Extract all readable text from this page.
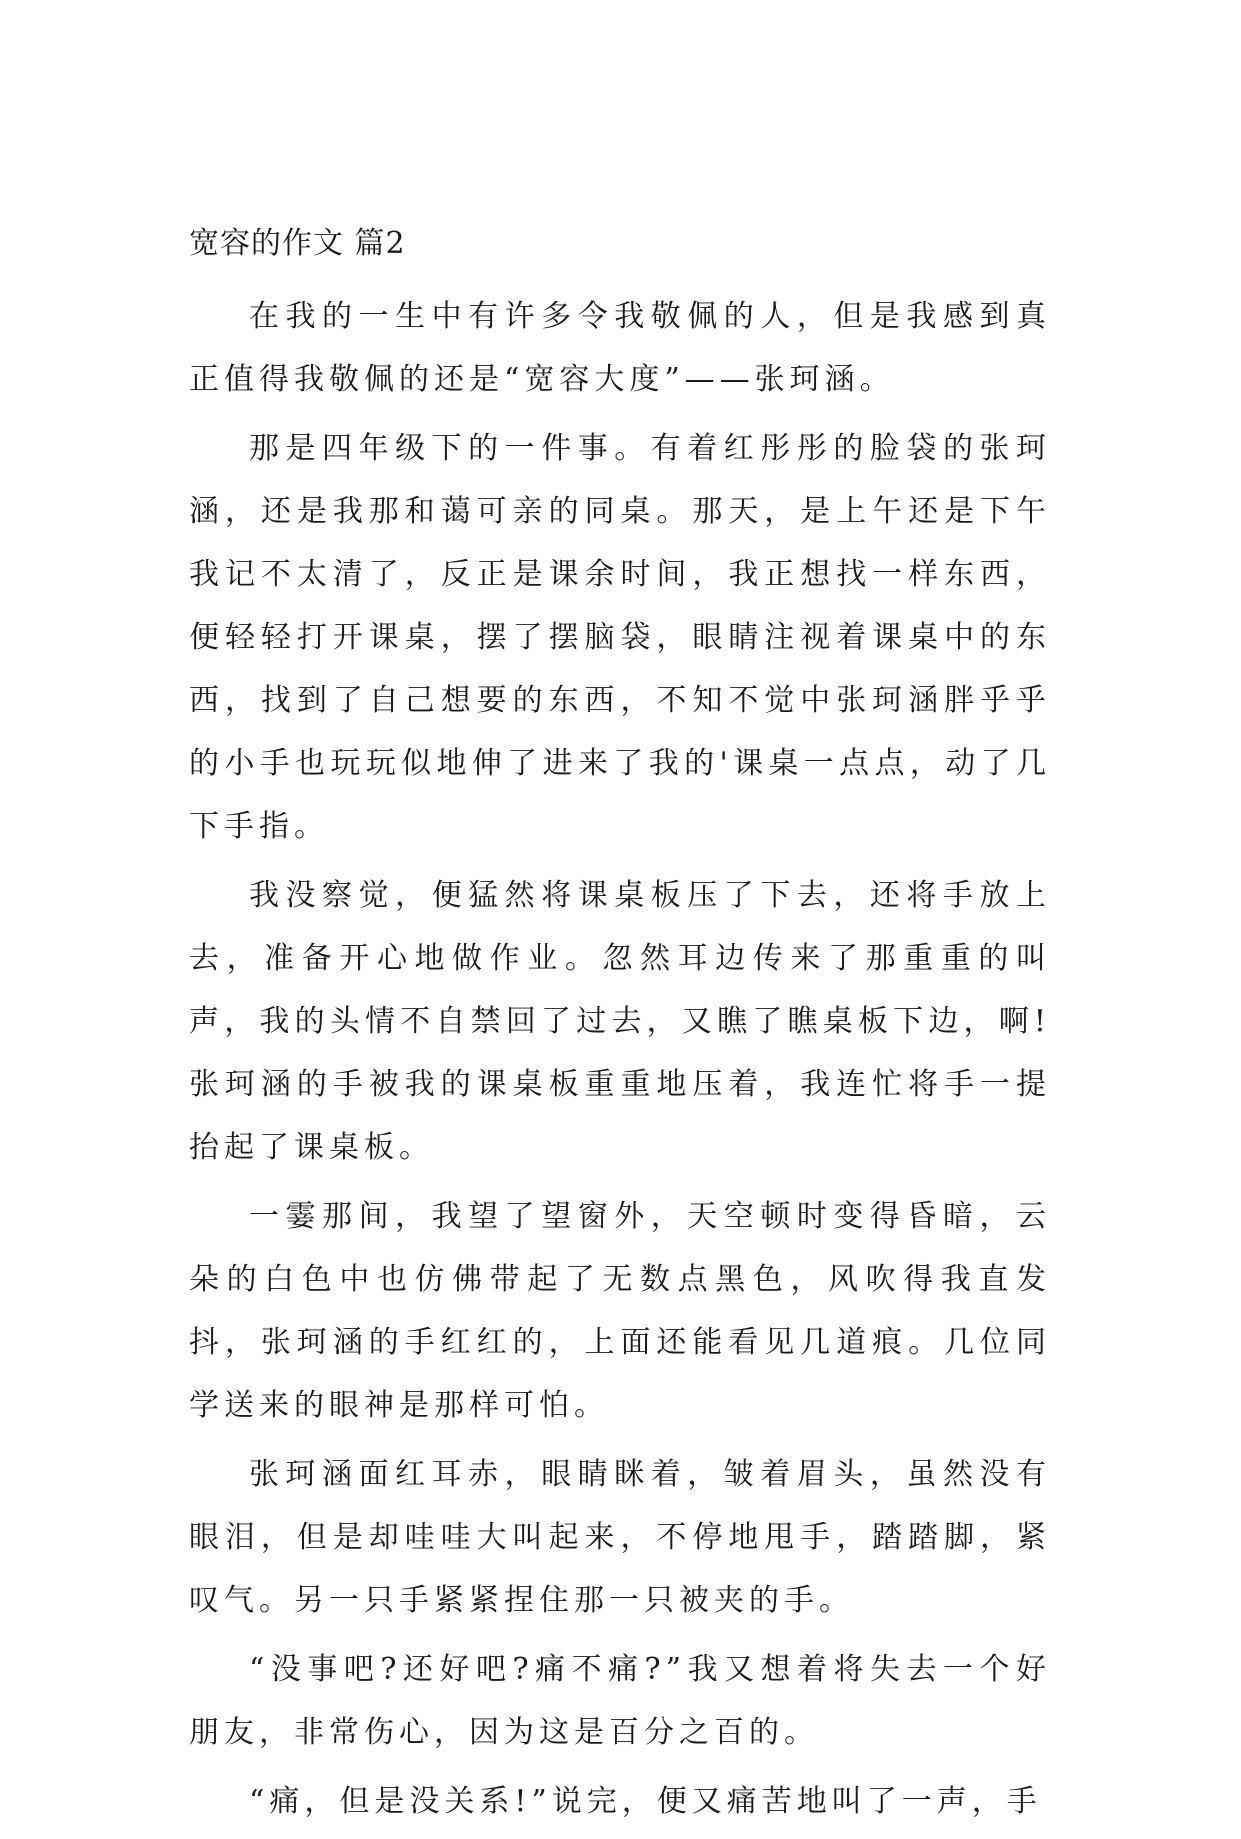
宽容的作文 篇2

在我的一生中有许多令我敬佩的人，但是我感到真正值得我敬佩的还是“宽容大度”——张珂涵。

那是四年级下的一件事。有着红彤彤的脸袋的张珂涵，还是我那和蔼可亲的同桌。那天，是上午还是下午我记不太清了，反正是课余时间，我正想找一样东西，便轻轻打开课桌，摆了摆脑袋，眼睛注视着课桌中的东西，找到了自己想要的东西，不知不觉中张珂涵胖乎乎的小手也玩玩似地伸了进来了我的'课桌一点点，动了几下手指。

我没察觉，便猛然将课桌板压了下去，还将手放上去，准备开心地做作业。忽然耳边传来了那重重的叫声，我的头情不自禁回了过去，又瞧了瞧桌板下边，啊!张珂涵的手被我的课桌板重重地压着，我连忙将手一提抬起了课桌板。

一霎那间，我望了望窗外，天空顿时变得昏暗，云朵的白色中也仿佛带起了无数点黑色，风吹得我直发抖，张珂涵的手红红的，上面还能看见几道痕。几位同学送来的眼神是那样可怕。

张珂涵面红耳赤，眼睛眯着，皱着眉头，虽然没有眼泪，但是却哇哇大叫起来，不停地甩手，踏踏脚，紧叹气。另一只手紧紧捏住那一只被夹的手。

“没事吧?还好吧?痛不痛?”我又想着将失去一个好朋友，非常伤心，因为这是百分之百的。

“痛，但是没关系!”说完，便又痛苦地叫了一声，手
